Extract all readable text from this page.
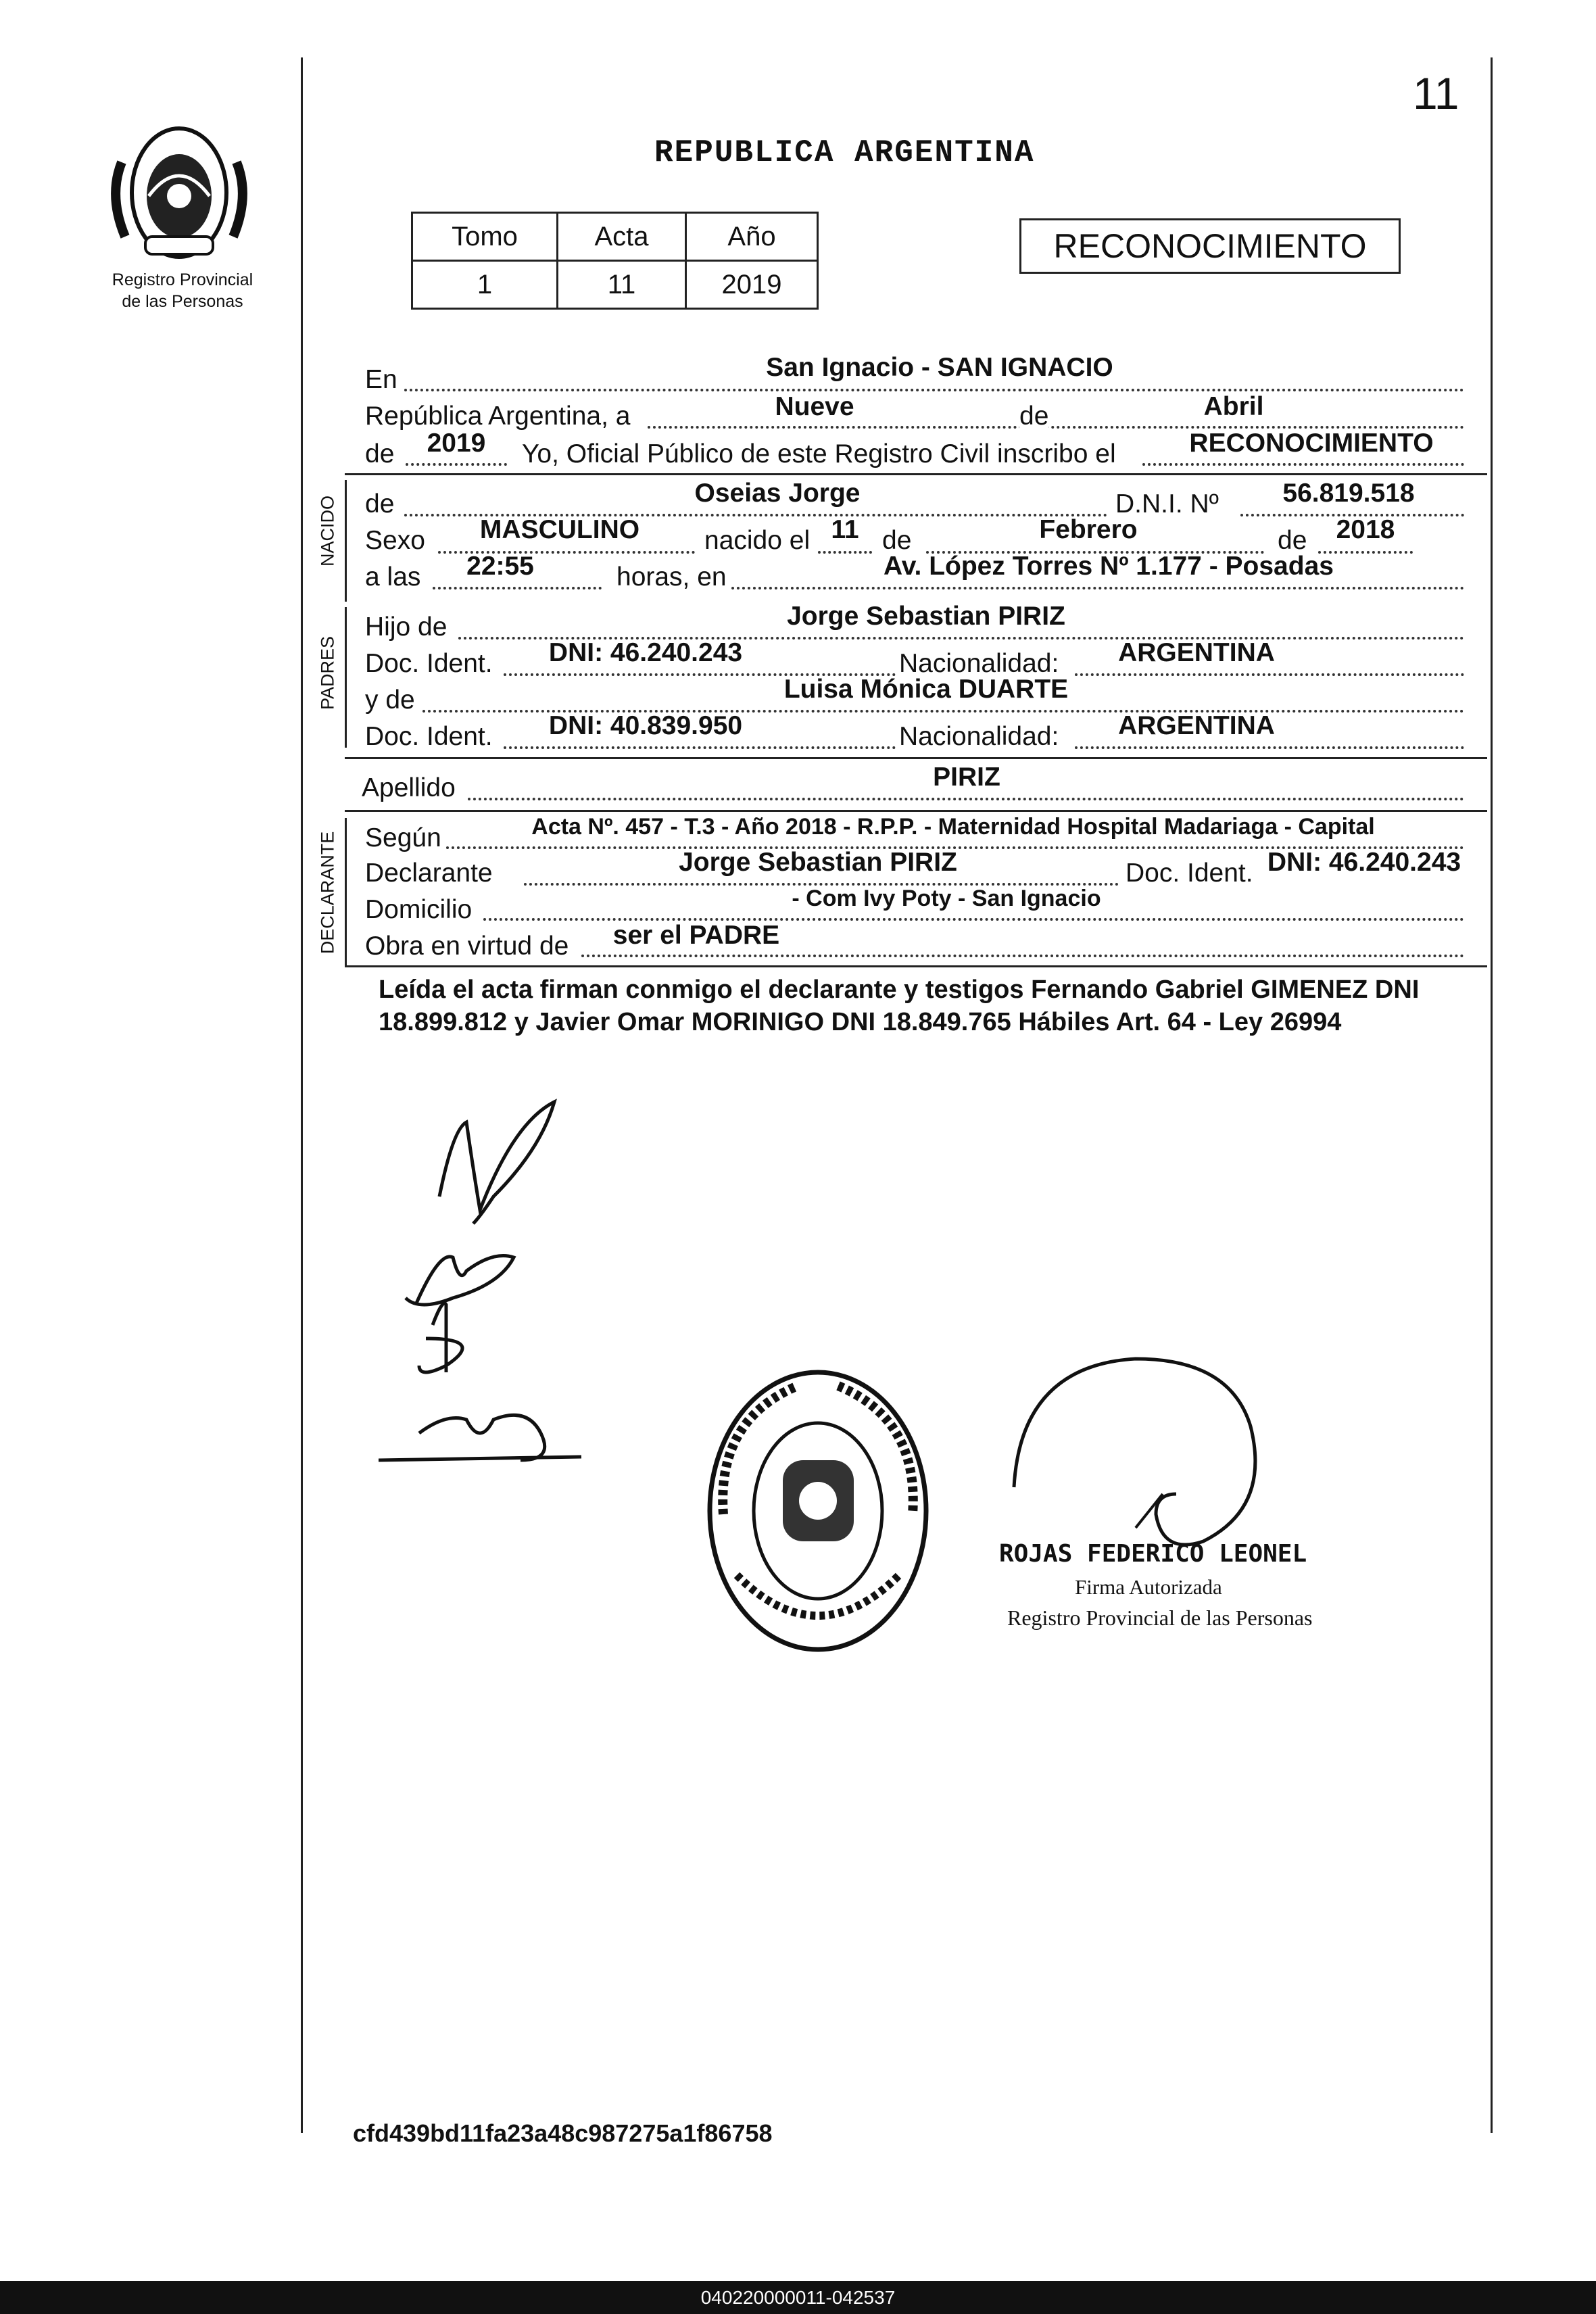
11
Registro Provincial
de las Personas
REPUBLICA ARGENTINA
Tomo	Acta	Año
1	11	2019
RECONOCIMIENTO
En	San Ignacio - SAN IGNACIO
República Argentina, a	Nueve	de	Abril
de	2019	Yo, Oficial Público de este Registro Civil inscribo el	RECONOCIMIENTO
NACIDO de	Oseias Jorge	D.N.I. Nº	56.819.518
Sexo	MASCULINO	nacido el 11 de	Febrero	de	2018
a las	22:55	horas, en	Av. López Torres Nº 1.177 - Posadas
PADRES
Hijo de	Jorge Sebastian PIRIZ
Doc. Ident.	DNI: 46.240.243	Nacionalidad:	ARGENTINA
y de	Luisa Mónica DUARTE
Doc. Ident.	DNI: 40.839.950	Nacionalidad:	ARGENTINA
Apellido	PIRIZ
DECLARANTE Según	Acta Nº. 457 - T.3 - Año 2018 - R.P.P. - Maternidad Hospital Madariaga - Capital
Declarante	Jorge Sebastian PIRIZ	Doc. Ident. DNI: 46.240.243
Domicilio	- Com Ivy Poty - San Ignacio
Obra en virtud de	ser el PADRE
Leída el acta firman conmigo el declarante y testigos Fernando Gabriel GIMENEZ DNI 18.899.812 y Javier Omar MORINIGO DNI 18.849.765 Hábiles Art. 64 - Ley 26994
ROJAS FEDERICO LEONEL
Firma Autorizada
Registro Provincial de las Personas
cfd439bd11fa23a48c987275a1f86758
040220000011-042537
